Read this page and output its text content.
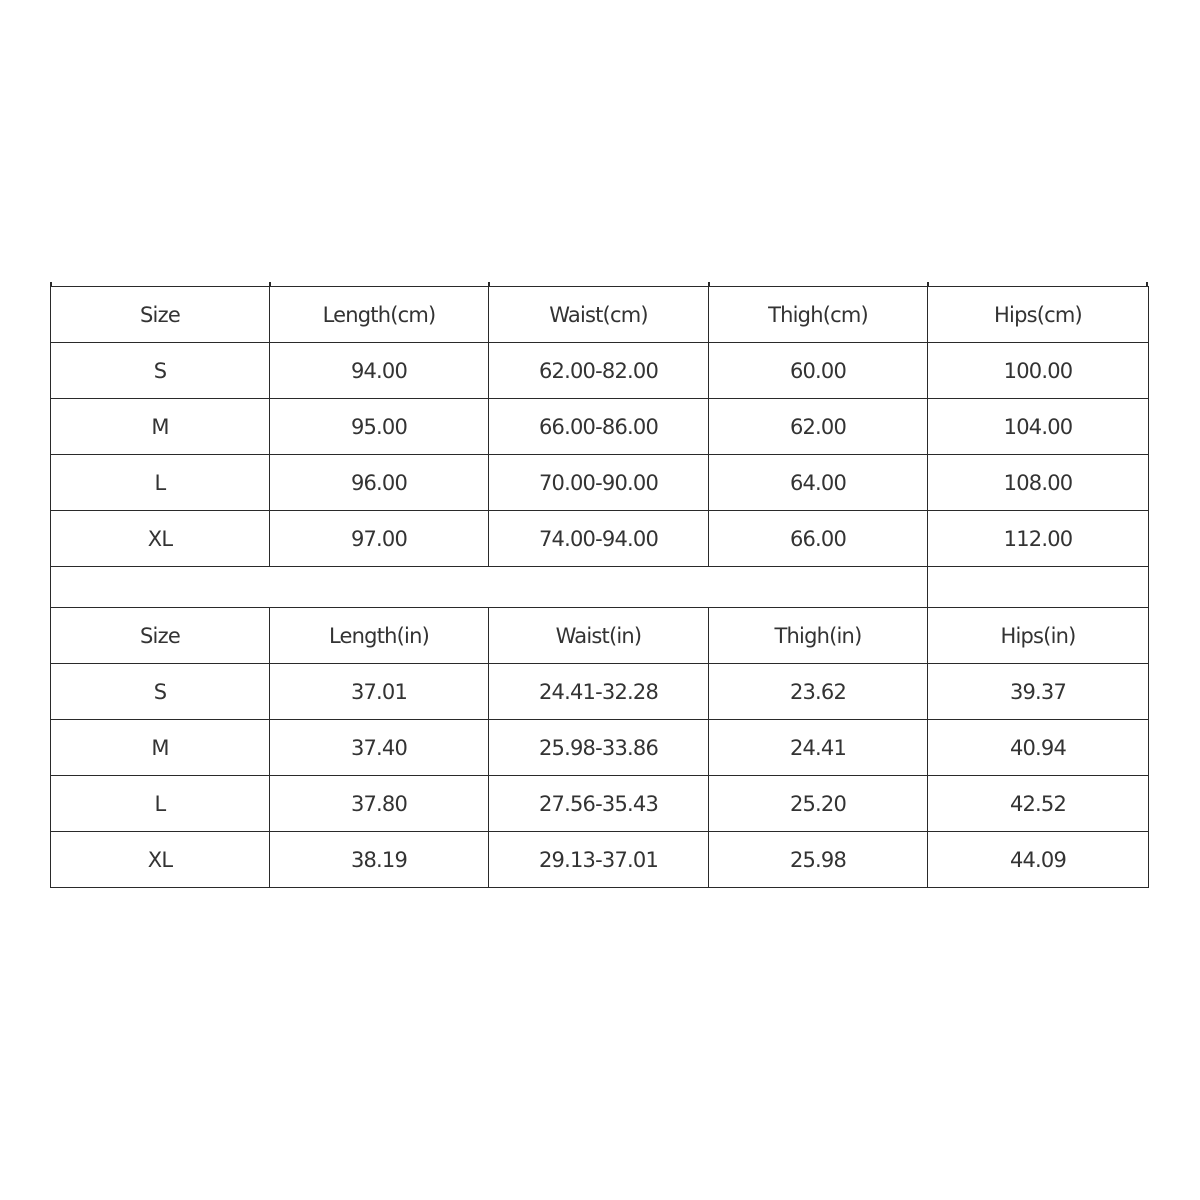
Size	Length(cm)	Waist(cm)	Thigh(cm)	Hips(cm)
S	94.00	62.00-82.00	60.00	100.00
M	95.00	66.00-86.00	62.00	104.00
L	96.00	70.00-90.00	64.00	108.00
XL	97.00	74.00-94.00	66.00	112.00

Size	Length(in)	Waist(in)	Thigh(in)	Hips(in)
S	37.01	24.41-32.28	23.62	39.37
M	37.40	25.98-33.86	24.41	40.94
L	37.80	27.56-35.43	25.20	42.52
XL	38.19	29.13-37.01	25.98	44.09
